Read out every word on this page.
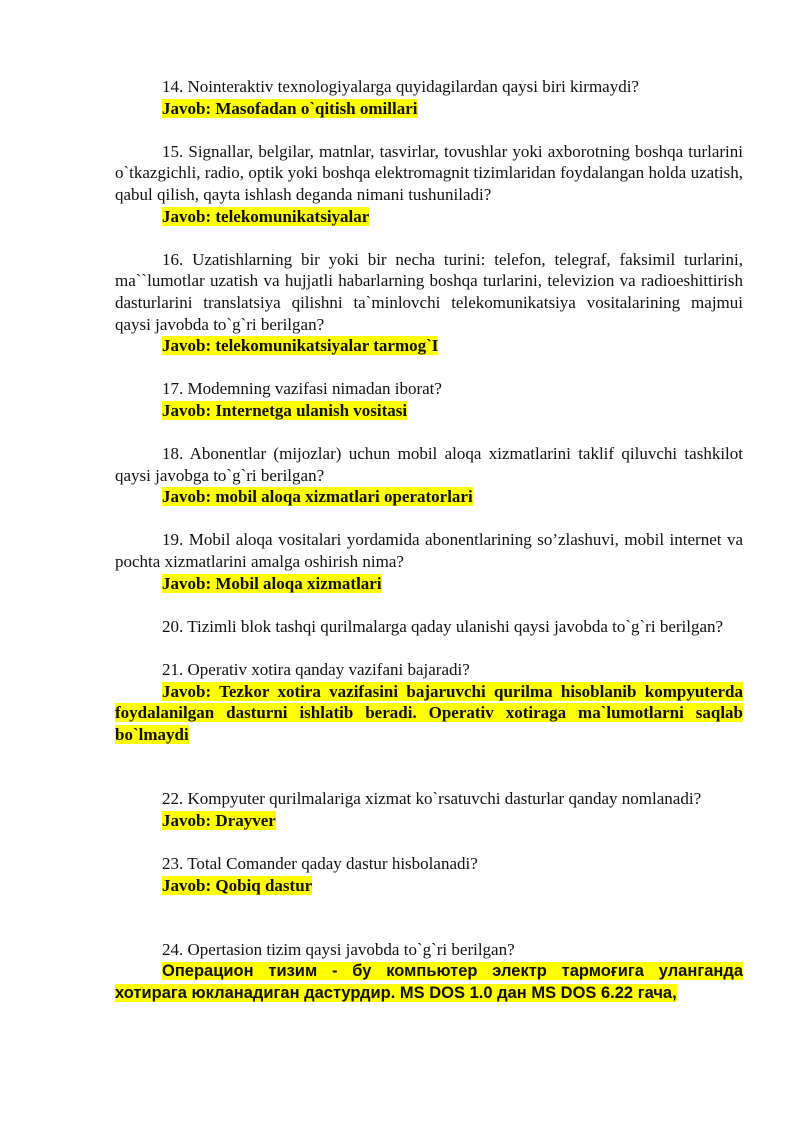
14. Nointeraktiv texnologiyalarga quyidagilardan qaysi biri kirmaydi?

Javob: Masofadan o`qitish omillari

15. Signallar, belgilar, matnlar, tasvirlar, tovushlar yoki axborotning boshqa turlarini o`tkazgichli, radio, optik yoki boshqa elektromagnit tizimlaridan foydalangan holda uzatish, qabul qilish, qayta ishlash deganda nimani tushuniladi?

Javob: telekomunikatsiyalar

16. Uzatishlarning bir yoki bir necha turini: telefon, telegraf, faksimil turlarini, ma``lumotlar uzatish va hujjatli habarlarning boshqa turlarini, televizion va radioeshittirish dasturlarini translatsiya qilishni ta`minlovchi telekomunikatsiya vositalarining majmui qaysi javobda to`g`ri berilgan?

Javob: telekomunikatsiyalar tarmog`I

17. Modemning vazifasi nimadan iborat?

Javob: Internetga ulanish vositasi

18. Abonentlar (mijozlar) uchun mobil aloqa xizmatlarini taklif qiluvchi tashkilot qaysi javobga to`g`ri berilgan?

Javob: mobil aloqa xizmatlari operatorlari

19. Mobil aloqa vositalari yordamida abonentlarining so’zlashuvi, mobil internet va pochta xizmatlarini amalga oshirish nima?

Javob: Mobil aloqa xizmatlari

20. Tizimli blok tashqi qurilmalarga qaday ulanishi qaysi javobda to`g`ri berilgan?

21. Operativ xotira qanday vazifani bajaradi?

Javob: Tezkor xotira vazifasini bajaruvchi qurilma hisoblanib kompyuterda foydalanilgan dasturni ishlatib beradi. Operativ xotiraga ma`lumotlarni saqlab bo`lmaydi

22. Kompyuter qurilmalariga xizmat ko`rsatuvchi dasturlar qanday nomlanadi?

Javob: Drayver

23. Total Comander qaday dastur hisbolanadi?

Javob: Qobiq dastur

24. Opertasion tizim qaysi javobda to`g`ri berilgan?

Операцион тизим - бу компьютер электр тармоғига уланганда хотирага юкланадиган дастурдир. MS DOS 1.0 дан MS DOS 6.22 гача,
